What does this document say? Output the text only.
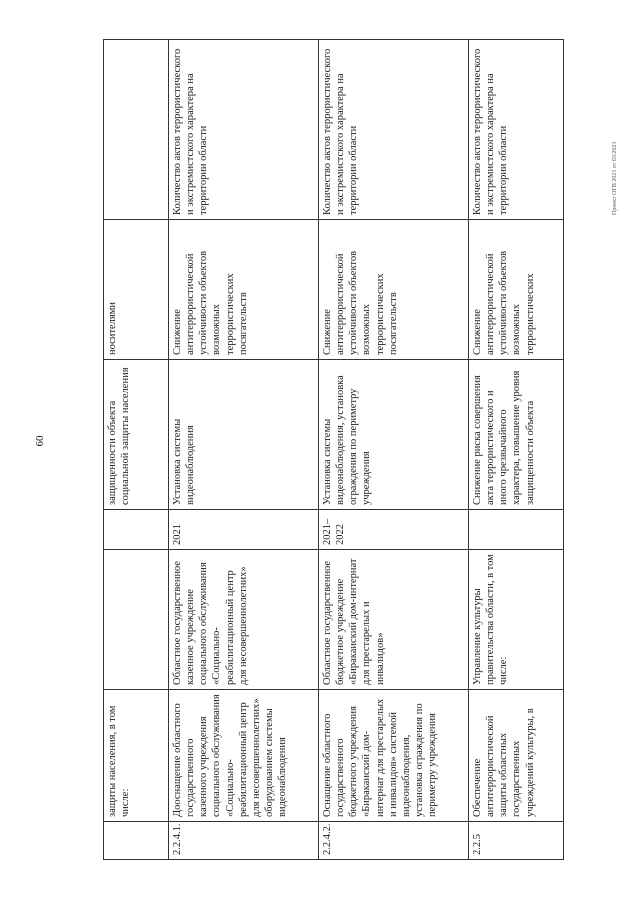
60
	защиты населения, в том числе:			защищенности объекта социальной защиты населения	носителями	
2.2.4.1.	Дооснащение областного государственного казенного учреждения социального обслуживания «Социально-реабилитационный центр для несовершеннолетних» оборудованием системы видеонаблюдения	Областное государственное казенное учреждение социального обслуживания «Социально-реабилитационный центр для несовершеннолетних»	2021	Установка системы видеонаблюдения	Снижение антитеррористической устойчивости объектов возможных террористических посягательств	Количество актов террористического и экстремистского характера на территории области
2.2.4.2.	Оснащение областного государственного бюджетного учреждения «Биракаиский дом-интернат для престарелых и инвалидов» системой видеонаблюдения, установка ограждения по периметру учреждения	Областное государственное бюджетное учреждение «Биракаиский дом-интернат для престарелых и инвалидов»	2021–2022	Установка системы видеонаблюдения, установка ограждения по периметру учреждения	Снижение антитеррористической устойчивости объектов возможных террористических посягательств	Количество актов террористического и экстремистского характера на территории области
2.2.5	Обеспечение антитеррористической защиты областных государственных учреждений культуры, в	Управление культуры правительства области, в том числе:		Снижение риска совершения акта террористического и иного чрезвычайного характера, повышение уровня защищенности объекта	Снижение антитеррористической устойчивости объектов возможных террористических	Количество актов террористического и экстремистского характера на территории области	Проект ОГВ 2021 от 03/2021
